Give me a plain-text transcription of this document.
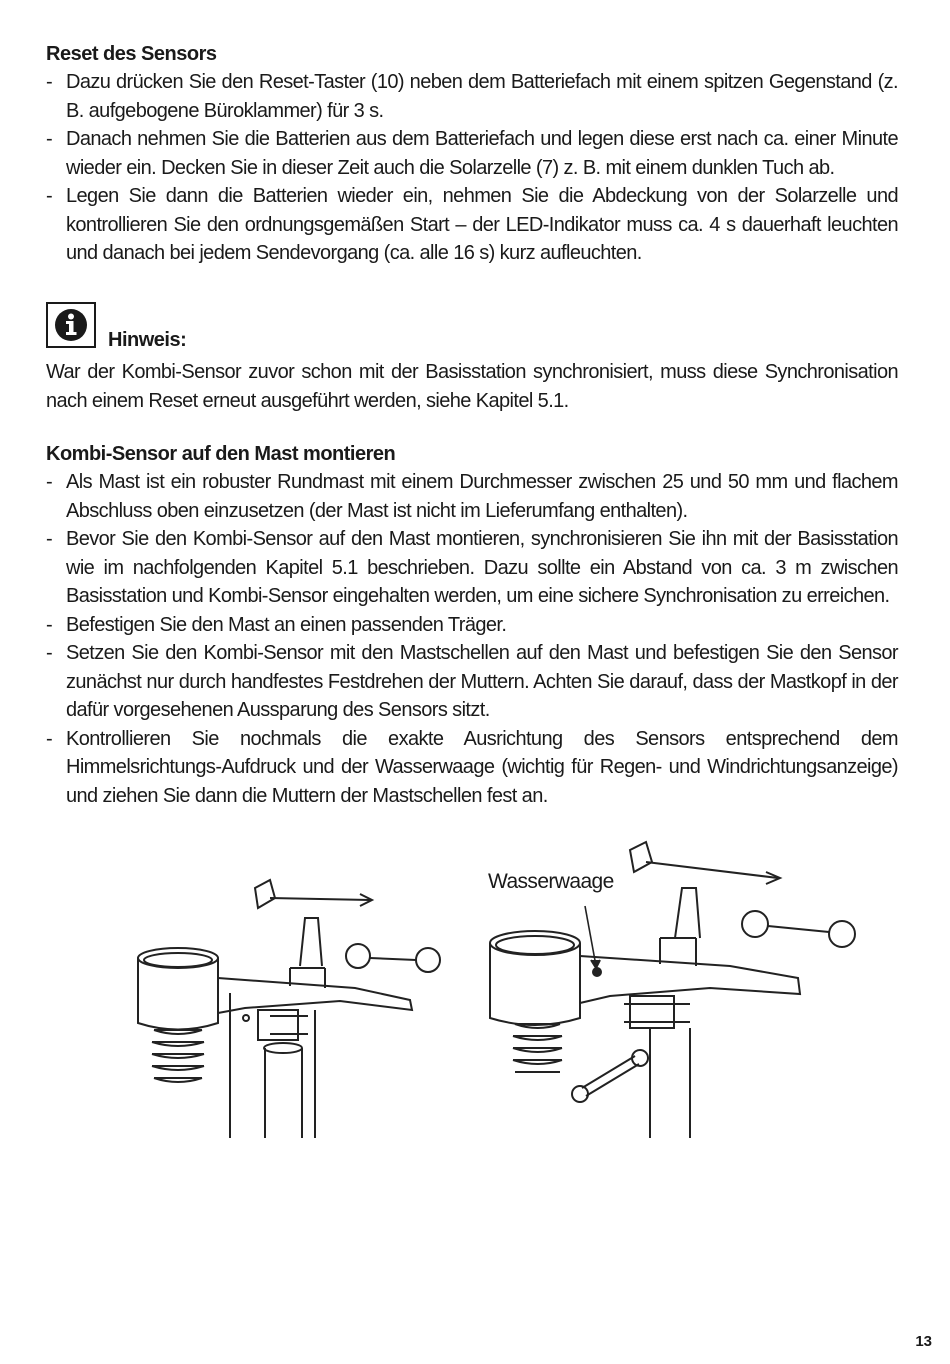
Reset des Sensors
- Dazu drücken Sie den Reset-Taster (10) neben dem Batteriefach mit einem spitzen Gegenstand (z. B. aufgebogene Büroklammer) für 3 s.
- Danach nehmen Sie die Batterien aus dem Batteriefach und legen diese erst nach ca. einer Minute wieder ein. Decken Sie in dieser Zeit auch die Solarzelle (7) z. B. mit einem dunklen Tuch ab.
- Legen Sie dann die Batterien wieder ein, nehmen Sie die Abdeckung von der Solarzelle und kontrollieren Sie den ordnungsgemäßen Start – der LED-Indikator muss ca. 4 s dauerhaft leuchten und danach bei jedem Sendevorgang (ca. alle 16 s) kurz aufleuchten.
Hinweis:
War der Kombi-Sensor zuvor schon mit der Basisstation synchronisiert, muss diese Synchronisation nach einem Reset erneut ausgeführt werden, siehe Kapitel 5.1.
Kombi-Sensor auf den Mast montieren
- Als Mast ist ein robuster Rundmast mit einem Durchmesser zwischen 25 und 50 mm und flachem Abschluss oben einzusetzen (der Mast ist nicht im Lieferumfang enthalten).
- Bevor Sie den Kombi-Sensor auf den Mast montieren, synchronisieren Sie ihn mit der Basisstation wie im nachfolgenden Kapitel 5.1 beschrieben. Dazu sollte ein Abstand von ca. 3 m zwischen Basisstation und Kombi-Sensor eingehalten werden, um eine sichere Synchronisation zu erreichen.
- Befestigen Sie den Mast an einen passenden Träger.
- Setzen Sie den Kombi-Sensor mit den Mastschellen auf den Mast und befestigen Sie den Sensor zunächst nur durch handfestes Festdrehen der Muttern. Achten Sie darauf, dass der Mastkopf in der dafür vorgesehenen Aussparung des Sensors sitzt.
- Kontrollieren Sie nochmals die exakte Ausrichtung des Sensors entsprechend dem Himmelsrichtungs-Aufdruck und der Wasserwaage (wichtig für Regen- und Windrichtungsanzeige) und ziehen Sie dann die Muttern der Mastschellen fest an.
Wasserwaage
13
